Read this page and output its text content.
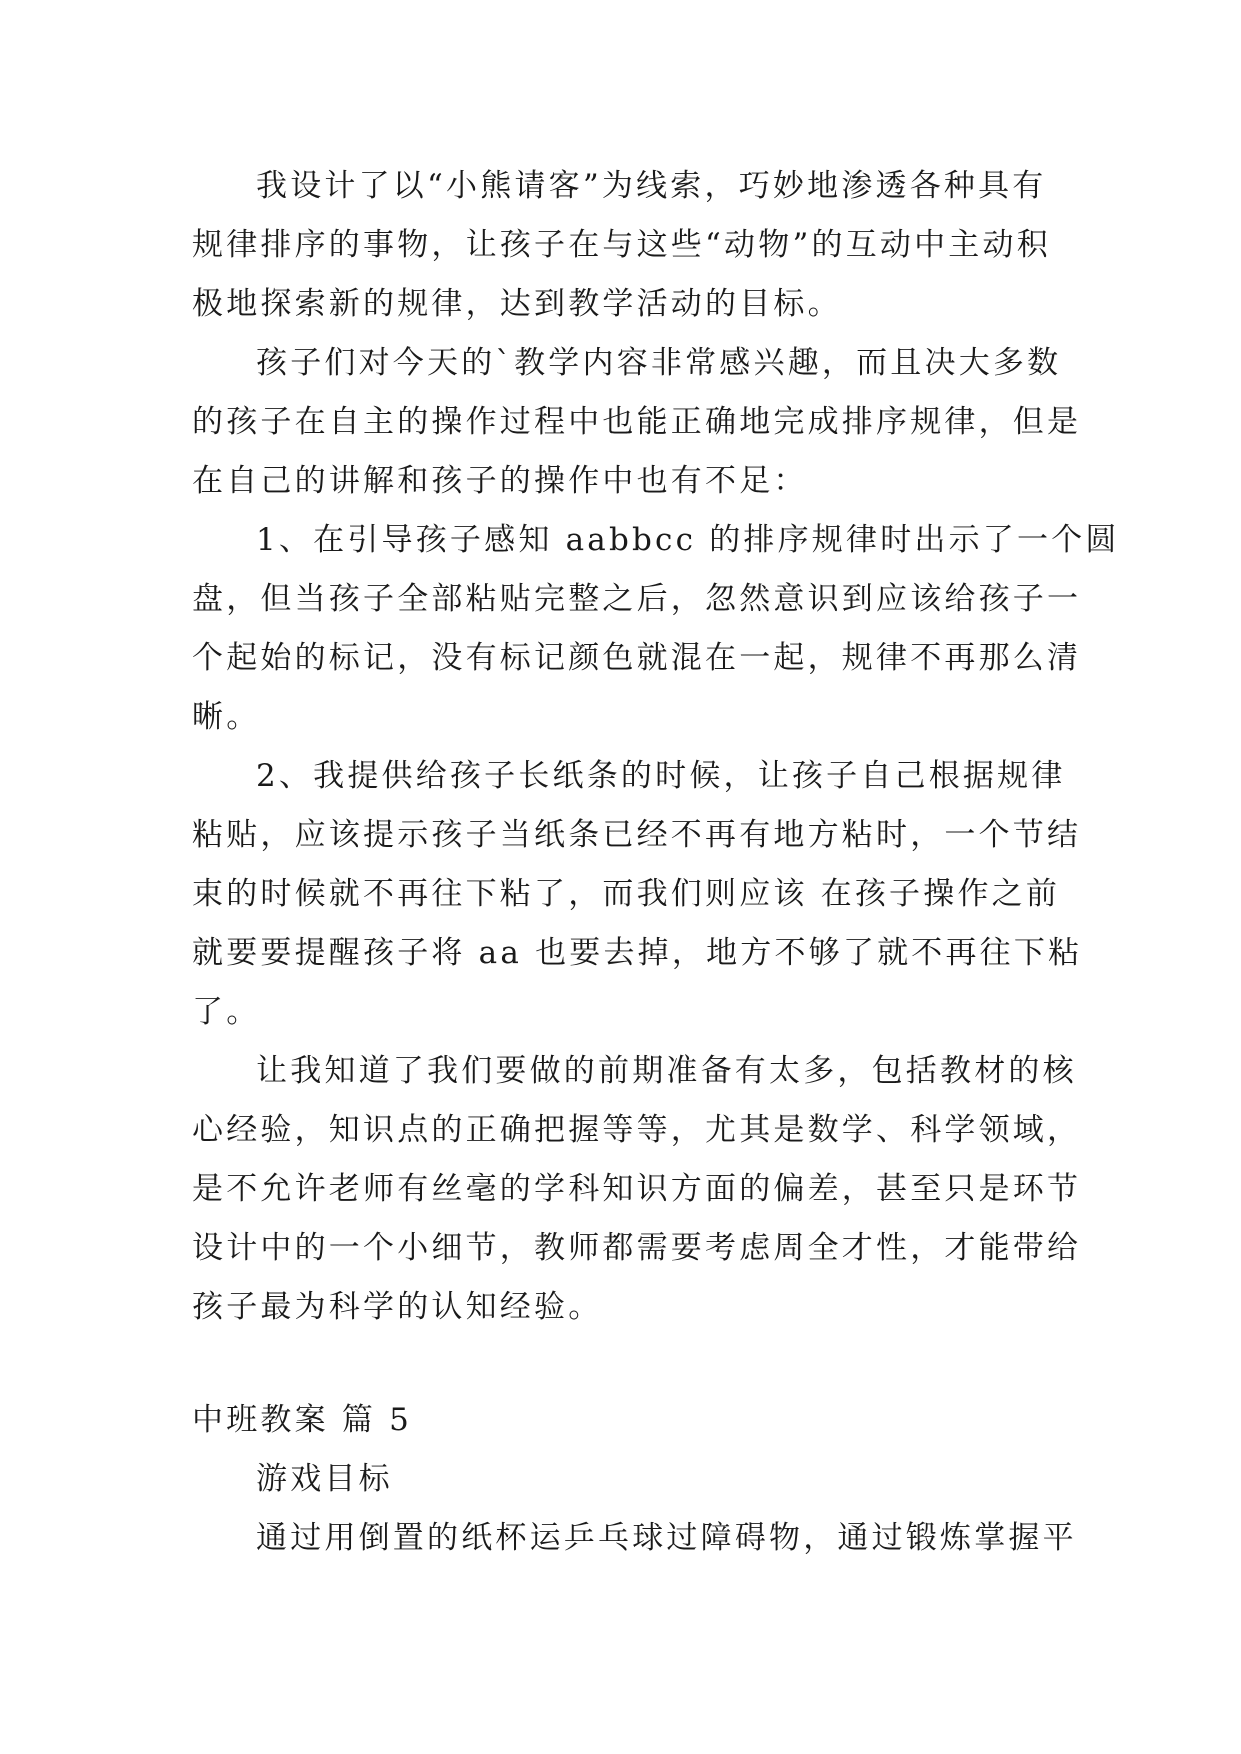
我设计了以“小熊请客”为线索，巧妙地渗透各种具有
规律排序的事物，让孩子在与这些“动物”的互动中主动积
极地探索新的规律，达到教学活动的目标。
孩子们对今天的`教学内容非常感兴趣，而且决大多数
的孩子在自主的操作过程中也能正确地完成排序规律，但是
在自己的讲解和孩子的操作中也有不足：
1、在引导孩子感知 aabbcc 的排序规律时出示了一个圆
盘，但当孩子全部粘贴完整之后，忽然意识到应该给孩子一
个起始的标记，没有标记颜色就混在一起，规律不再那么清
晰。
2、我提供给孩子长纸条的时候，让孩子自己根据规律
粘贴，应该提示孩子当纸条已经不再有地方粘时，一个节结
束的时候就不再往下粘了，而我们则应该 在孩子操作之前
就要要提醒孩子将 aa 也要去掉，地方不够了就不再往下粘
了。
让我知道了我们要做的前期准备有太多，包括教材的核
心经验，知识点的正确把握等等，尤其是数学、科学领域，
是不允许老师有丝毫的学科知识方面的偏差，甚至只是环节
设计中的一个小细节，教师都需要考虑周全才性，才能带给
孩子最为科学的认知经验。
中班教案 篇 5
游戏目标
通过用倒置的纸杯运乒乓球过障碍物，通过锻炼掌握平
